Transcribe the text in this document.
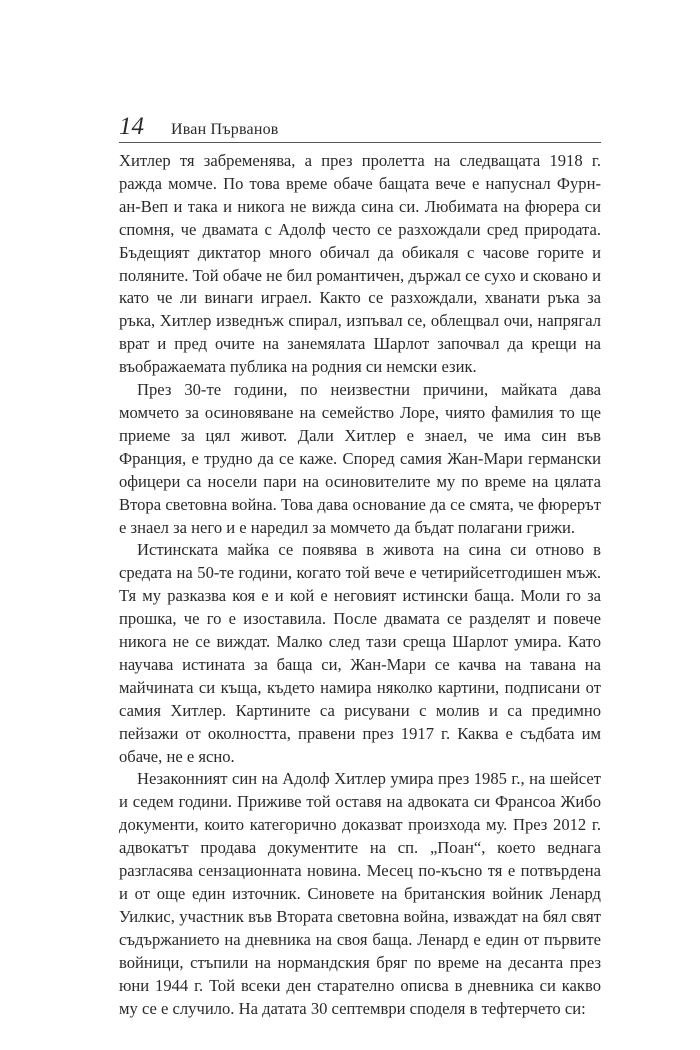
14 Иван Първанов

Хитлер тя забременява, а през пролетта на следващата 1918 г. ражда момче. По това време обаче бащата вече е напуснал Фурн-ан-Веп и така и никога не вижда сина си. Любимата на фюрера си спомня, че двамата с Адолф често се разхождали сред природата. Бъдещият диктатор много обичал да обикаля с часове горите и поляните. Той обаче не бил романтичен, държал се сухо и сковано и като че ли винаги играел. Както се разхождали, хванати ръка за ръка, Хитлер изведнъж спирал, изпъвал се, облещвал очи, напрягал врат и пред очите на занемялата Шарлот започвал да крещи на въображаемата публика на родния си немски език.

През 30-те години, по неизвестни причини, майката дава момчето за осиновяване на семейство Лоре, чиято фамилия то ще приеме за цял живот. Дали Хитлер е знаел, че има син във Франция, е трудно да се каже. Според самия Жан-Мари германски офицери са носели пари на осиновителите му по време на цялата Втора световна война. Това дава основание да се смята, че фюрерът е знаел за него и е наредил за момчето да бъдат полагани грижи.

Истинската майка се появява в живота на сина си отново в средата на 50-те години, когато той вече е четирийсетгодишен мъж. Тя му разказва коя е и кой е неговият истински баща. Моли го за прошка, че го е изоставила. После двамата се разделят и повече никога не се виждат. Малко след тази среща Шарлот умира. Като научава истината за баща си, Жан-Мари се качва на тавана на майчината си къща, където намира няколко картини, подписани от самия Хитлер. Картините са рисувани с молив и са предимно пейзажи от околността, правени през 1917 г. Каква е съдбата им обаче, не е ясно.

Незаконният син на Адолф Хитлер умира през 1985 г., на шейсет и седем години. Приживе той оставя на адвоката си Франсоа Жибо документи, които категорично доказват произхода му. През 2012 г. адвокатът продава документите на сп. „Поан“, което веднага разгласява сензационната новина. Месец по-късно тя е потвърдена и от още един източник. Синовете на британския войник Ленард Уилкис, участник във Втората световна война, изваждат на бял свят съдържанието на дневника на своя баща. Ленард е един от първите войници, стъпили на нормандския бряг по време на десанта през юни 1944 г. Той всеки ден старателно описва в дневника си какво му се е случило. На датата 30 септември споделя в тефтерчето си:
